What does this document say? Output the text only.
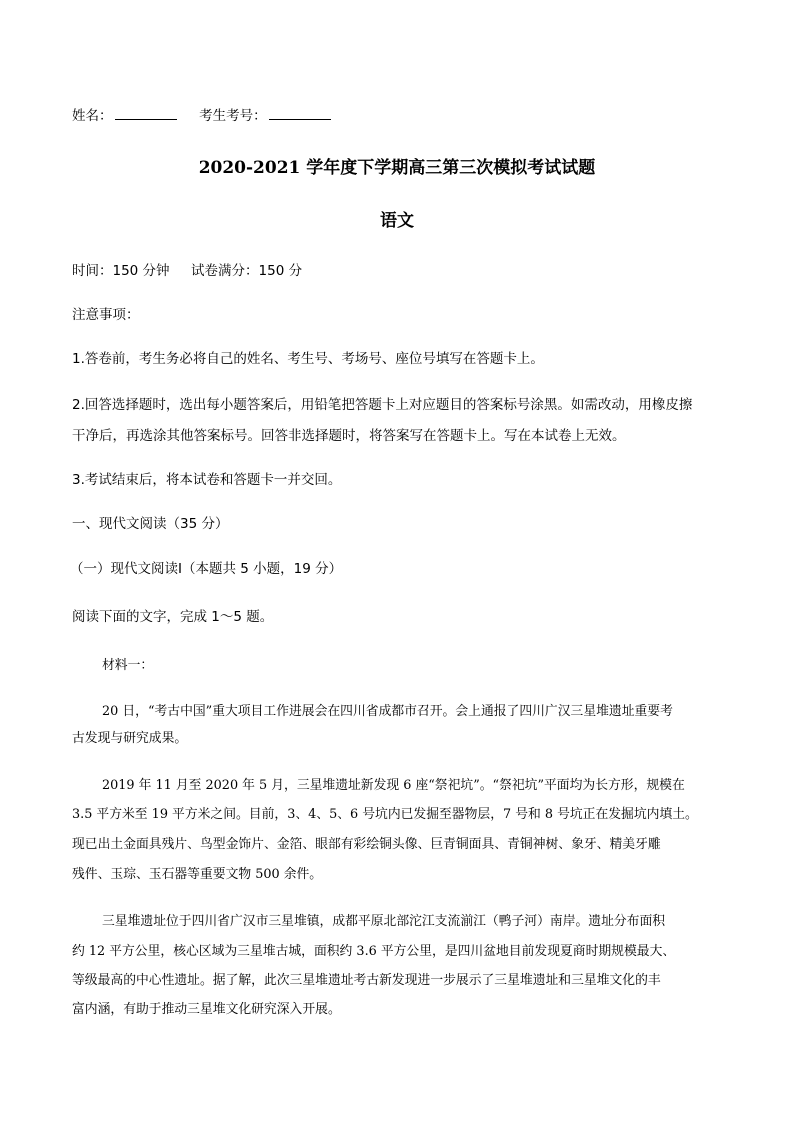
姓名：	考生考号：
2020-2021 学年度下学期高三第三次模拟考试试题
语文
时间：150 分钟     试卷满分：150 分
注意事项：
1.答卷前，考生务必将自己的姓名、考生号、考场号、座位号填写在答题卡上。
2.回答选择题时，选出每小题答案后，用铅笔把答题卡上对应题目的答案标号涂黑。如需改动，用橡皮擦
干净后，再选涂其他答案标号。回答非选择题时，将答案写在答题卡上。写在本试卷上无效。
3.考试结束后，将本试卷和答题卡一并交回。
一、现代文阅读（35 分）
（一）现代文阅读Ⅰ（本题共 5 小题，19 分）
阅读下面的文字，完成 1～5 题。
材料一：
20 日，“考古中国”重大项目工作进展会在四川省成都市召开。会上通报了四川广汉三星堆遗址重要考
古发现与研究成果。
2019 年 11 月至 2020 年 5 月，三星堆遗址新发现 6 座“祭祀坑”。“祭祀坑”平面均为长方形，规模在
3.5 平方米至 19 平方米之间。目前，3、4、5、6 号坑内已发掘至器物层，7 号和 8 号坑正在发掘坑内填土。
现已出土金面具残片、鸟型金饰片、金箔、眼部有彩绘铜头像、巨青铜面具、青铜神树、象牙、精美牙雕
残件、玉琮、玉石器等重要文物 500 余件。
三星堆遗址位于四川省广汉市三星堆镇，成都平原北部沱江支流湔江（鸭子河）南岸。遗址分布面积
约 12 平方公里，核心区域为三星堆古城，面积约 3.6 平方公里，是四川盆地目前发现夏商时期规模最大、
等级最高的中心性遗址。据了解，此次三星堆遗址考古新发现进一步展示了三星堆遗址和三星堆文化的丰
富内涵，有助于推动三星堆文化研究深入开展。
